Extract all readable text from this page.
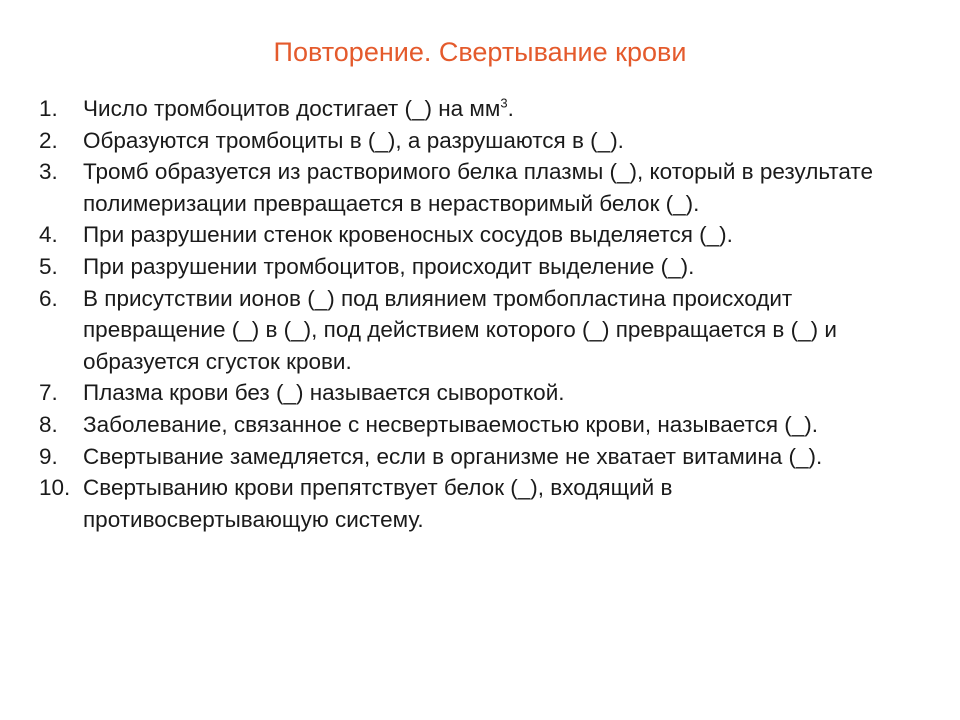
Повторение. Свертывание крови
1.	Число тромбоцитов достигает (_) на $мм^3$.
2.	Образуются тромбоциты в (_), а разрушаются в (_).
3.	Тромб образуется из растворимого белка плазмы (_), который в результате полимеризации превращается в нерастворимый белок (_).
4.	При разрушении стенок кровеносных сосудов выделяется (_).
5.	При разрушении тромбоцитов, происходит выделение (_).
6.	В присутствии ионов (_) под влиянием тромбопластина происходит превращение (_) в (_), под действием которого (_) превращается в (_) и образуется сгусток крови.
7.	Плазма крови без (_) называется сывороткой.
8.	Заболевание, связанное с несвертываемостью крови, называется (_).
9.	Свертывание замедляется, если в организме не хватает витамина (_).
10. Свертыванию крови препятствует белок (_), входящий в противосвертывающую систему.
